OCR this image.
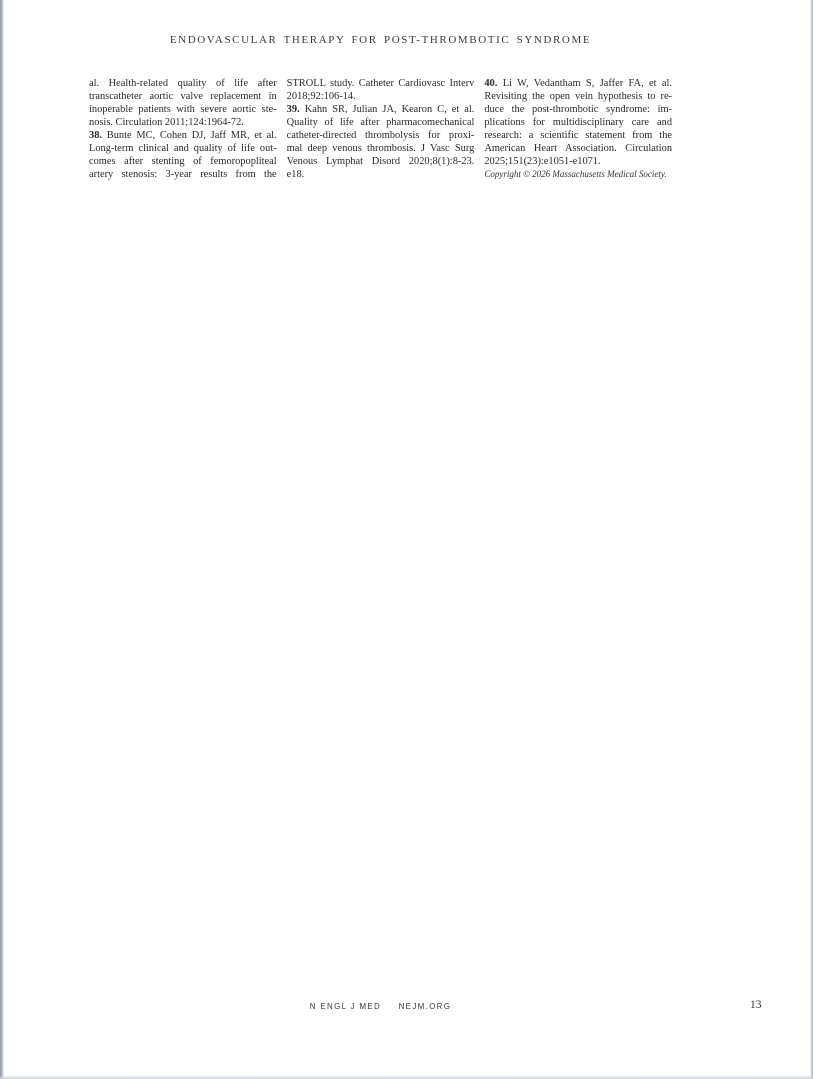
ENDOVASCULAR THERAPY FOR POST-THROMBOTIC SYNDROME
al. Health-related quality of life after
transcatheter aortic valve replacement in
inoperable patients with severe aortic ste-
nosis. Circulation 2011;124:1964-72.
38. Bunte MC, Cohen DJ, Jaff MR, et al.
Long-term clinical and quality of life out-
comes after stenting of femoropopliteal
artery stenosis: 3-year results from the
STROLL study. Catheter Cardiovasc Interv
2018;92:106-14.
39. Kahn SR, Julian JA, Kearon C, et al.
Quality of life after pharmacomechanical
catheter-directed thrombolysis for proxi-
mal deep venous thrombosis. J Vasc Surg
Venous Lymphat Disord 2020;8(1):8-23.
e18.
40. Li W, Vedantham S, Jaffer FA, et al.
Revisiting the open vein hypothesis to re-
duce the post-thrombotic syndrome: im-
plications for multidisciplinary care and
research: a scientific statement from the
American Heart Association. Circulation
2025;151(23):e1051-e1071.
Copyright © 2026 Massachusetts Medical Society.
N ENGL J MED NEJM.ORG	13
